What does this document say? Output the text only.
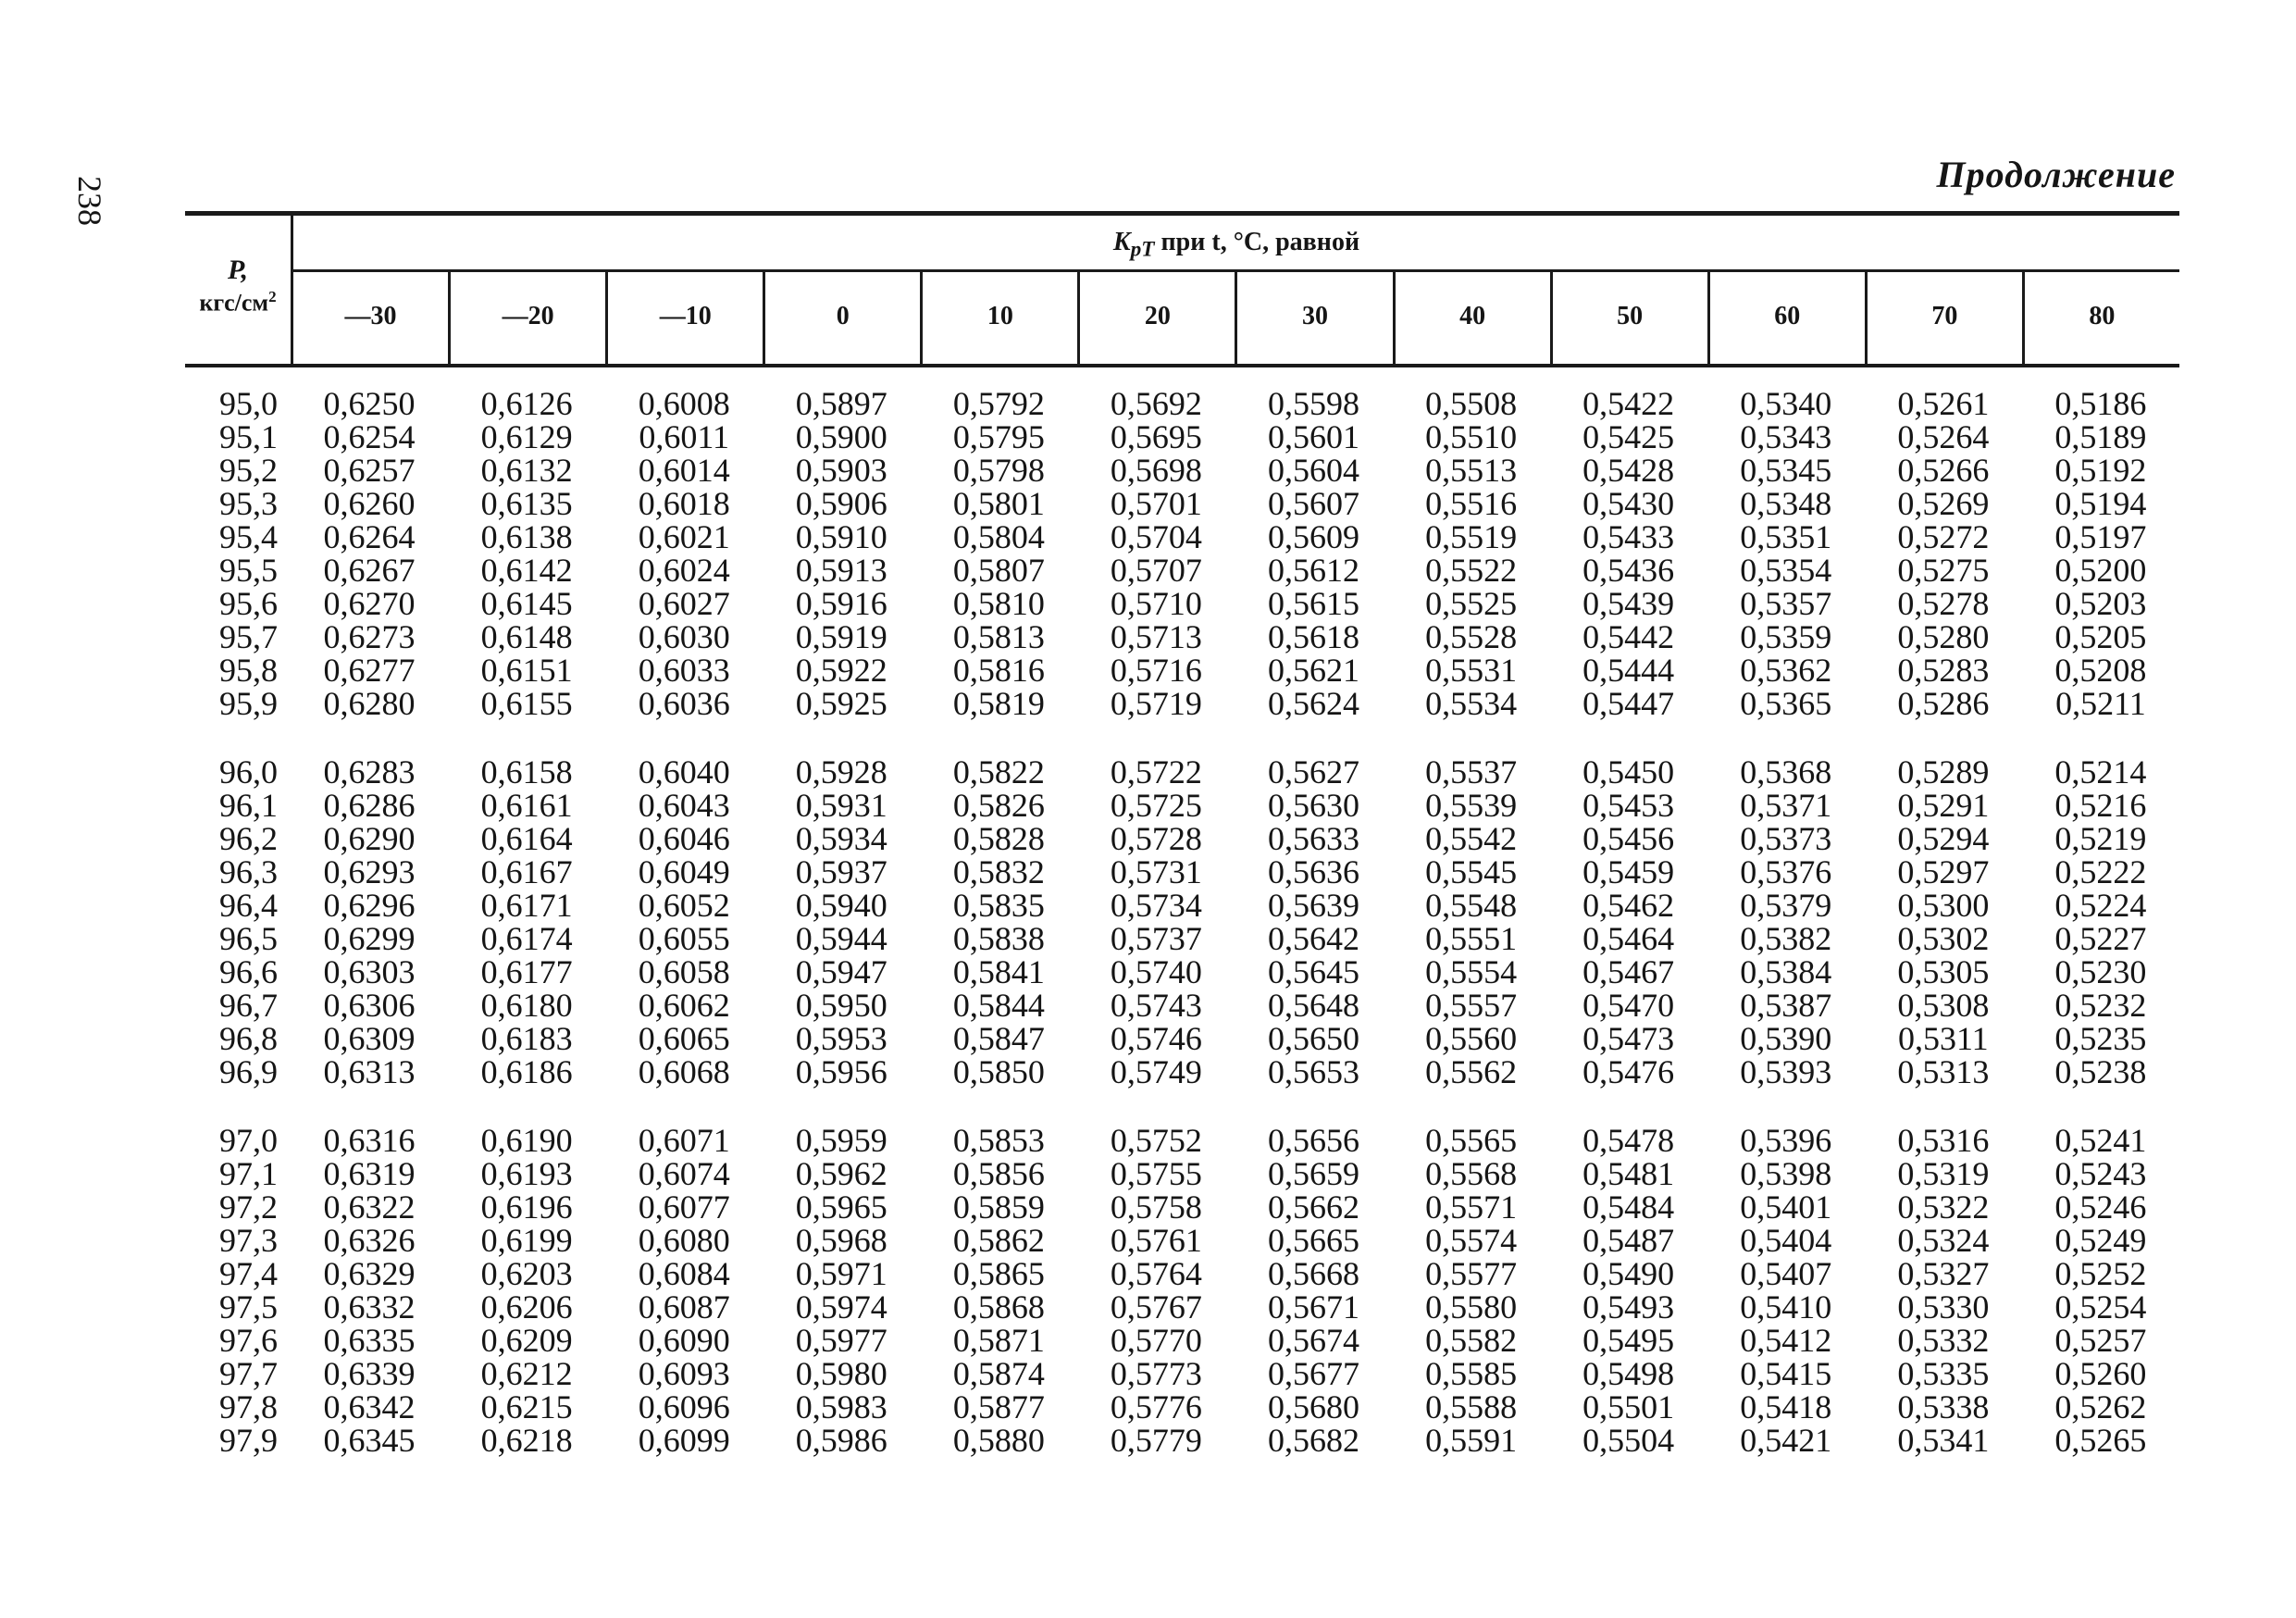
238
Продолжение
P,
кгс/$см^2$
$K_{pT}$ при t, °C, равной
—30	—20	—10	0	10	20	30	40	50	60	70	80
95,0	0,6250	0,6126	0,6008	0,5897	0,5792	0,5692	0,5598	0,5508	0,5422	0,5340	0,5261	0,5186
95,1	0,6254	0,6129	0,6011	0,5900	0,5795	0,5695	0,5601	0,5510	0,5425	0,5343	0,5264	0,5189
95,2	0,6257	0,6132	0,6014	0,5903	0,5798	0,5698	0,5604	0,5513	0,5428	0,5345	0,5266	0,5192
95,3	0,6260	0,6135	0,6018	0,5906	0,5801	0,5701	0,5607	0,5516	0,5430	0,5348	0,5269	0,5194
95,4	0,6264	0,6138	0,6021	0,5910	0,5804	0,5704	0,5609	0,5519	0,5433	0,5351	0,5272	0,5197
95,5	0,6267	0,6142	0,6024	0,5913	0,5807	0,5707	0,5612	0,5522	0,5436	0,5354	0,5275	0,5200
95,6	0,6270	0,6145	0,6027	0,5916	0,5810	0,5710	0,5615	0,5525	0,5439	0,5357	0,5278	0,5203
95,7	0,6273	0,6148	0,6030	0,5919	0,5813	0,5713	0,5618	0,5528	0,5442	0,5359	0,5280	0,5205
95,8	0,6277	0,6151	0,6033	0,5922	0,5816	0,5716	0,5621	0,5531	0,5444	0,5362	0,5283	0,5208
95,9	0,6280	0,6155	0,6036	0,5925	0,5819	0,5719	0,5624	0,5534	0,5447	0,5365	0,5286	0,5211
96,0	0,6283	0,6158	0,6040	0,5928	0,5822	0,5722	0,5627	0,5537	0,5450	0,5368	0,5289	0,5214
96,1	0,6286	0,6161	0,6043	0,5931	0,5826	0,5725	0,5630	0,5539	0,5453	0,5371	0,5291	0,5216
96,2	0,6290	0,6164	0,6046	0,5934	0,5828	0,5728	0,5633	0,5542	0,5456	0,5373	0,5294	0,5219
96,3	0,6293	0,6167	0,6049	0,5937	0,5832	0,5731	0,5636	0,5545	0,5459	0,5376	0,5297	0,5222
96,4	0,6296	0,6171	0,6052	0,5940	0,5835	0,5734	0,5639	0,5548	0,5462	0,5379	0,5300	0,5224
96,5	0,6299	0,6174	0,6055	0,5944	0,5838	0,5737	0,5642	0,5551	0,5464	0,5382	0,5302	0,5227
96,6	0,6303	0,6177	0,6058	0,5947	0,5841	0,5740	0,5645	0,5554	0,5467	0,5384	0,5305	0,5230
96,7	0,6306	0,6180	0,6062	0,5950	0,5844	0,5743	0,5648	0,5557	0,5470	0,5387	0,5308	0,5232
96,8	0,6309	0,6183	0,6065	0,5953	0,5847	0,5746	0,5650	0,5560	0,5473	0,5390	0,5311	0,5235
96,9	0,6313	0,6186	0,6068	0,5956	0,5850	0,5749	0,5653	0,5562	0,5476	0,5393	0,5313	0,5238
97,0	0,6316	0,6190	0,6071	0,5959	0,5853	0,5752	0,5656	0,5565	0,5478	0,5396	0,5316	0,5241
97,1	0,6319	0,6193	0,6074	0,5962	0,5856	0,5755	0,5659	0,5568	0,5481	0,5398	0,5319	0,5243
97,2	0,6322	0,6196	0,6077	0,5965	0,5859	0,5758	0,5662	0,5571	0,5484	0,5401	0,5322	0,5246
97,3	0,6326	0,6199	0,6080	0,5968	0,5862	0,5761	0,5665	0,5574	0,5487	0,5404	0,5324	0,5249
97,4	0,6329	0,6203	0,6084	0,5971	0,5865	0,5764	0,5668	0,5577	0,5490	0,5407	0,5327	0,5252
97,5	0,6332	0,6206	0,6087	0,5974	0,5868	0,5767	0,5671	0,5580	0,5493	0,5410	0,5330	0,5254
97,6	0,6335	0,6209	0,6090	0,5977	0,5871	0,5770	0,5674	0,5582	0,5495	0,5412	0,5332	0,5257
97,7	0,6339	0,6212	0,6093	0,5980	0,5874	0,5773	0,5677	0,5585	0,5498	0,5415	0,5335	0,5260
97,8	0,6342	0,6215	0,6096	0,5983	0,5877	0,5776	0,5680	0,5588	0,5501	0,5418	0,5338	0,5262
97,9	0,6345	0,6218	0,6099	0,5986	0,5880	0,5779	0,5682	0,5591	0,5504	0,5421	0,5341	0,5265
